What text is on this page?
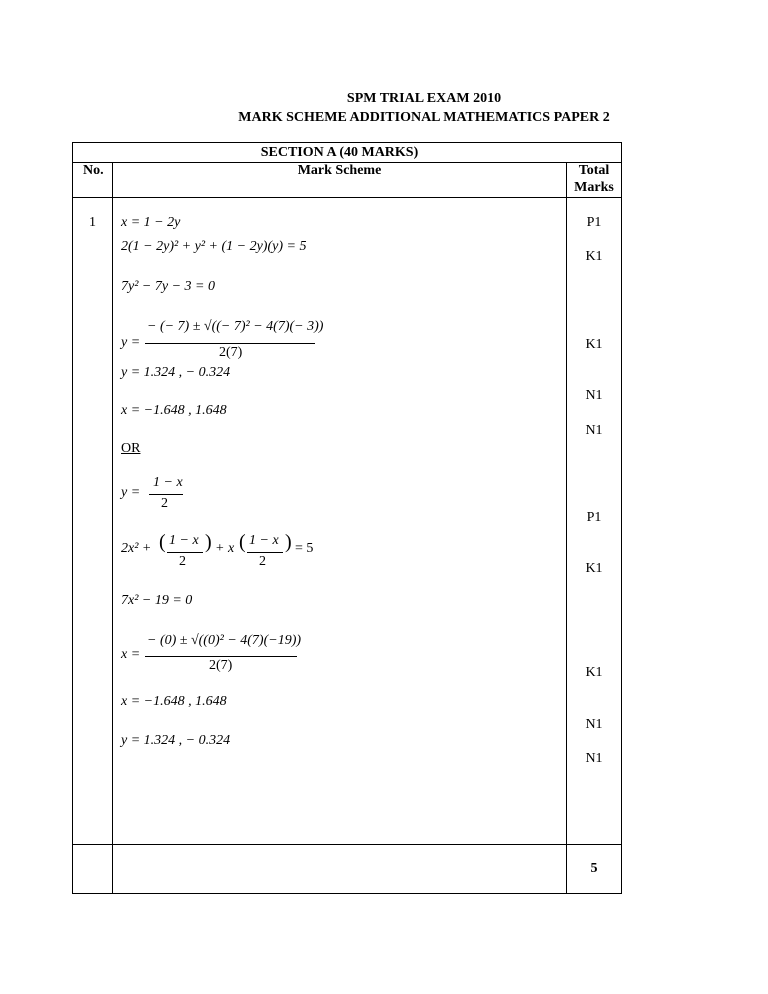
SPM TRIAL EXAM 2010
MARK SCHEME ADDITIONAL MATHEMATICS PAPER 2
SECTION A (40 MARKS)
No.	Mark Scheme	Total
Marks
1 x = 1 − 2y
2(1 − 2y)² + y² + (1 − 2y)(y) = 5
7y² − 7y − 3 = 0
y =
− (− 7) ± √((− 7)² − 4(7)(− 3))
2(7)
y = 1.324 , − 0.324
x = −1.648 , 1.648
OR
y =
1 − x
2
2x² + ( 1 − x
2
) + x ( 1 − x
2
) = 5
7x² − 19 = 0
x =
− (0) ± √((0)² − 4(7)(−19))
2(7)
x = −1.648 , 1.648
y = 1.324 , − 0.324
P1
K1
K1
N1
N1
P1
K1
K1
N1
N1
5
